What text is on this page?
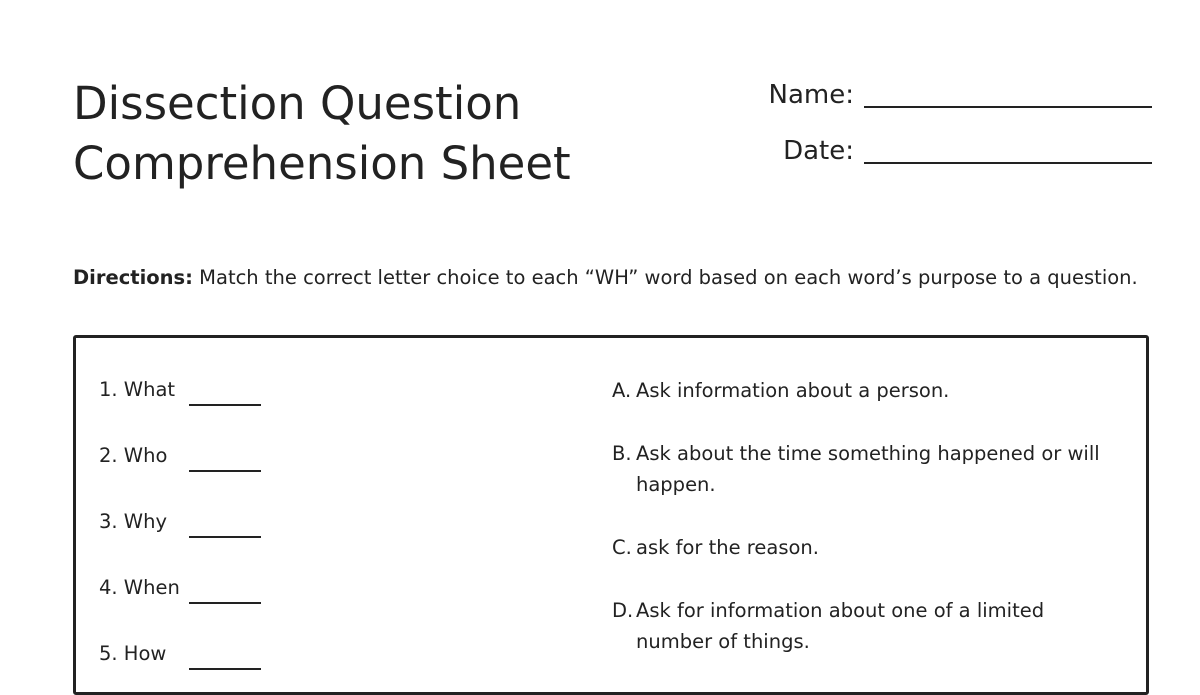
Dissection Question
Comprehension Sheet
Name:
Date:
Directions: Match the correct letter choice to each “WH” word based on each word’s purpose to a question.
1. What
2. Who
3. Why
4. When
5. How
A. Ask information about a person.
B. Ask about the time something happened or will
happen.
C. ask for the reason.
D. Ask for information about one of a limited
number of things.
